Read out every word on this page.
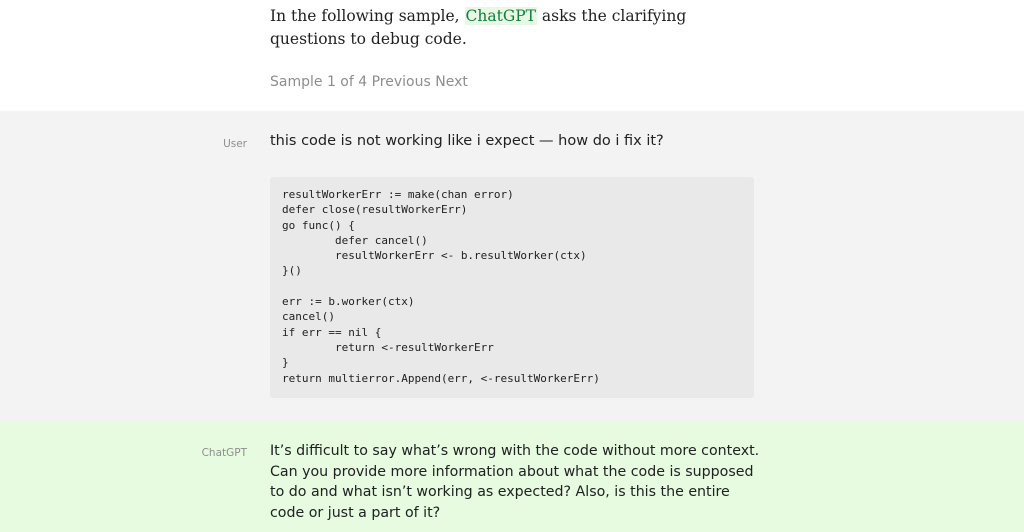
In the following sample, ChatGPT asks the clarifying questions to debug code.
Sample 1 of 4 Previous Next
User this code is not working like i expect — how do i fix it?
resultWorkerErr := make(chan error)
defer close(resultWorkerErr)
go func() {
	defer cancel()
	resultWorkerErr <- b.resultWorker(ctx)
}()

err := b.worker(ctx)
cancel()
if err == nil {
	return <-resultWorkerErr
}
return multierror.Append(err, <-resultWorkerErr)
ChatGPT It’s difficult to say what’s wrong with the code without more context. Can you provide more information about what the code is supposed to do and what isn’t working as expected? Also, is this the entire code or just a part of it?
